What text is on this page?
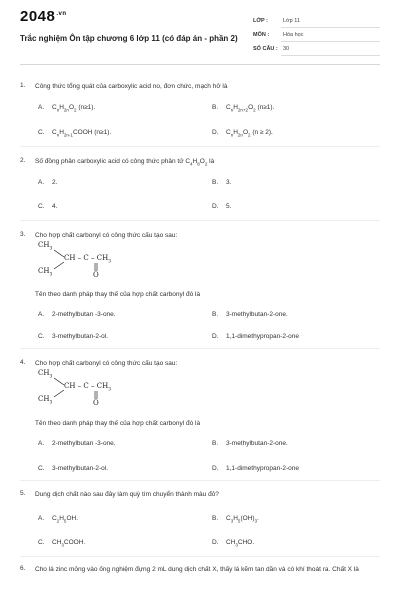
$2048^{.vn}$
Trắc nghiệm Ôn tập chương 6 lớp 11 (có đáp án - phần 2)
LỚP :	Lớp 11
MÔN :	Hóa học
SỐ CÂU : 30
1. Công thức tổng quát của carboxylic acid no, đơn chức, mạch hở là
A. $C_nH_{2n}O_2$ (n≥1).	B. $C_nH_{2n+2}O_2$ (n≥1).
C. $C_nH_{2n-1}COOH$ (n≥1).	D. $C_nH_{2n}O_2$ (n ≥ 2).
2. Số đồng phân carboxylic acid có công thức phân tử $C_4H_8O_2$ là
A. 2.	B. 3.
C. 4.	D. 5.
3. Cho hợp chất carbonyl có công thức cấu tạo sau:
$CH_3$
CH – C – $CH_3$
$CH_3$	O
Tên theo danh pháp thay thế của hợp chất carbonyl đó là
A. 2-methylbutan -3-one.	B. 3-methylbutan-2-one.
C. 3-methylbutan-2-ol.	D. 1,1-dimethypropan-2-one
4. Cho hợp chất carbonyl có công thức cấu tạo sau:
$CH_3$
CH – C – $CH_3$
$CH_3$	O
Tên theo danh pháp thay thế của hợp chất carbonyl đó là
A. 2-methylbutan -3-one.	B. 3-methylbutan-2-one.
C. 3-methylbutan-2-ol.	D. 1,1-dimethypropan-2-one
5. Dung dịch chất nào sau đây làm quỳ tím chuyển thành màu đỏ?
A. $C_2H_5OH$.	B. $C_3H_5(OH)_3$.
C. $CH_3COOH$.	D. $CH_3CHO$.
6. Cho lá zinc mỏng vào ống nghiệm đựng 2 mL dung dịch chất X, thấy lá kẽm tan dần và có khí thoát ra. Chất X là
